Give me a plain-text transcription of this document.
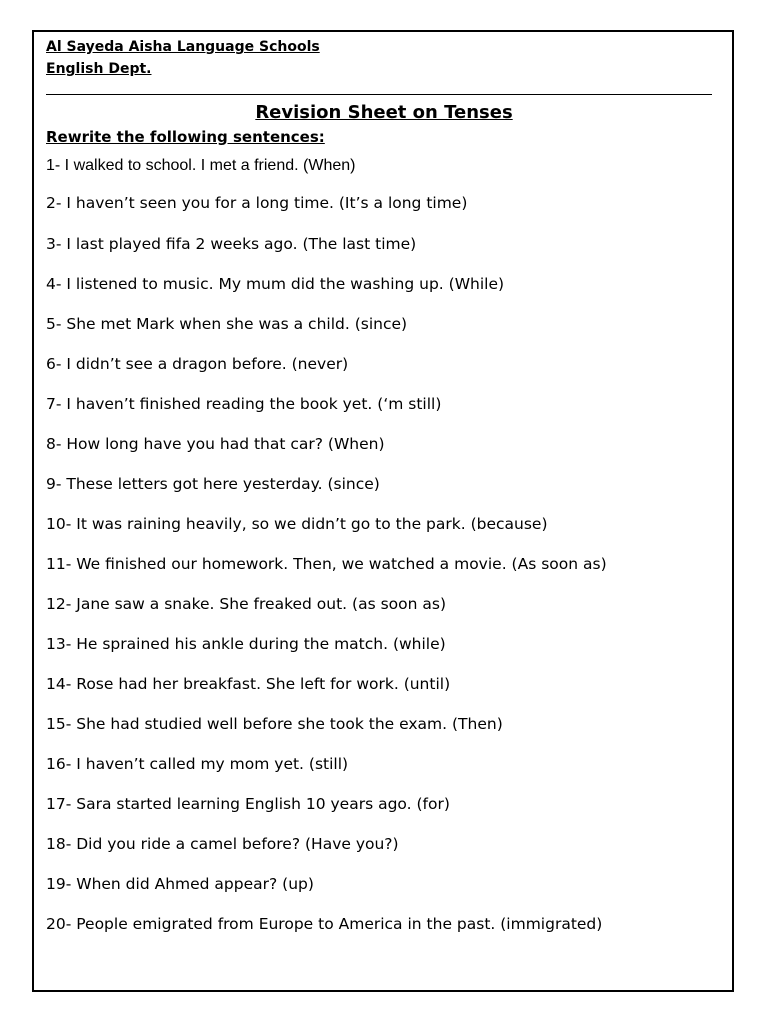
Al Sayeda Aisha Language Schools
English Dept.
Revision Sheet on Tenses
Rewrite the following sentences:
1- I walked to school. I met a friend. (When)
2- I haven’t seen you for a long time. (It’s a long time)
3- I last played fifa 2 weeks ago. (The last time)
4- I listened to music. My mum did the washing up. (While)
5- She met Mark when she was a child. (since)
6- I didn’t see a dragon before. (never)
7- I haven’t finished reading the book yet. (‘m still)
8- How long have you had that car? (When)
9- These letters got here yesterday. (since)
10- It was raining heavily, so we didn’t go to the park. (because)
11- We finished our homework. Then, we watched a movie. (As soon as)
12- Jane saw a snake. She freaked out. (as soon as)
13- He sprained his ankle during the match. (while)
14- Rose had her breakfast. She left for work. (until)
15- She had studied well before she took the exam. (Then)
16- I haven’t called my mom yet. (still)
17- Sara started learning English 10 years ago. (for)
18- Did you ride a camel before? (Have you?)
19- When did Ahmed appear? (up)
20- People emigrated from Europe to America in the past. (immigrated)
